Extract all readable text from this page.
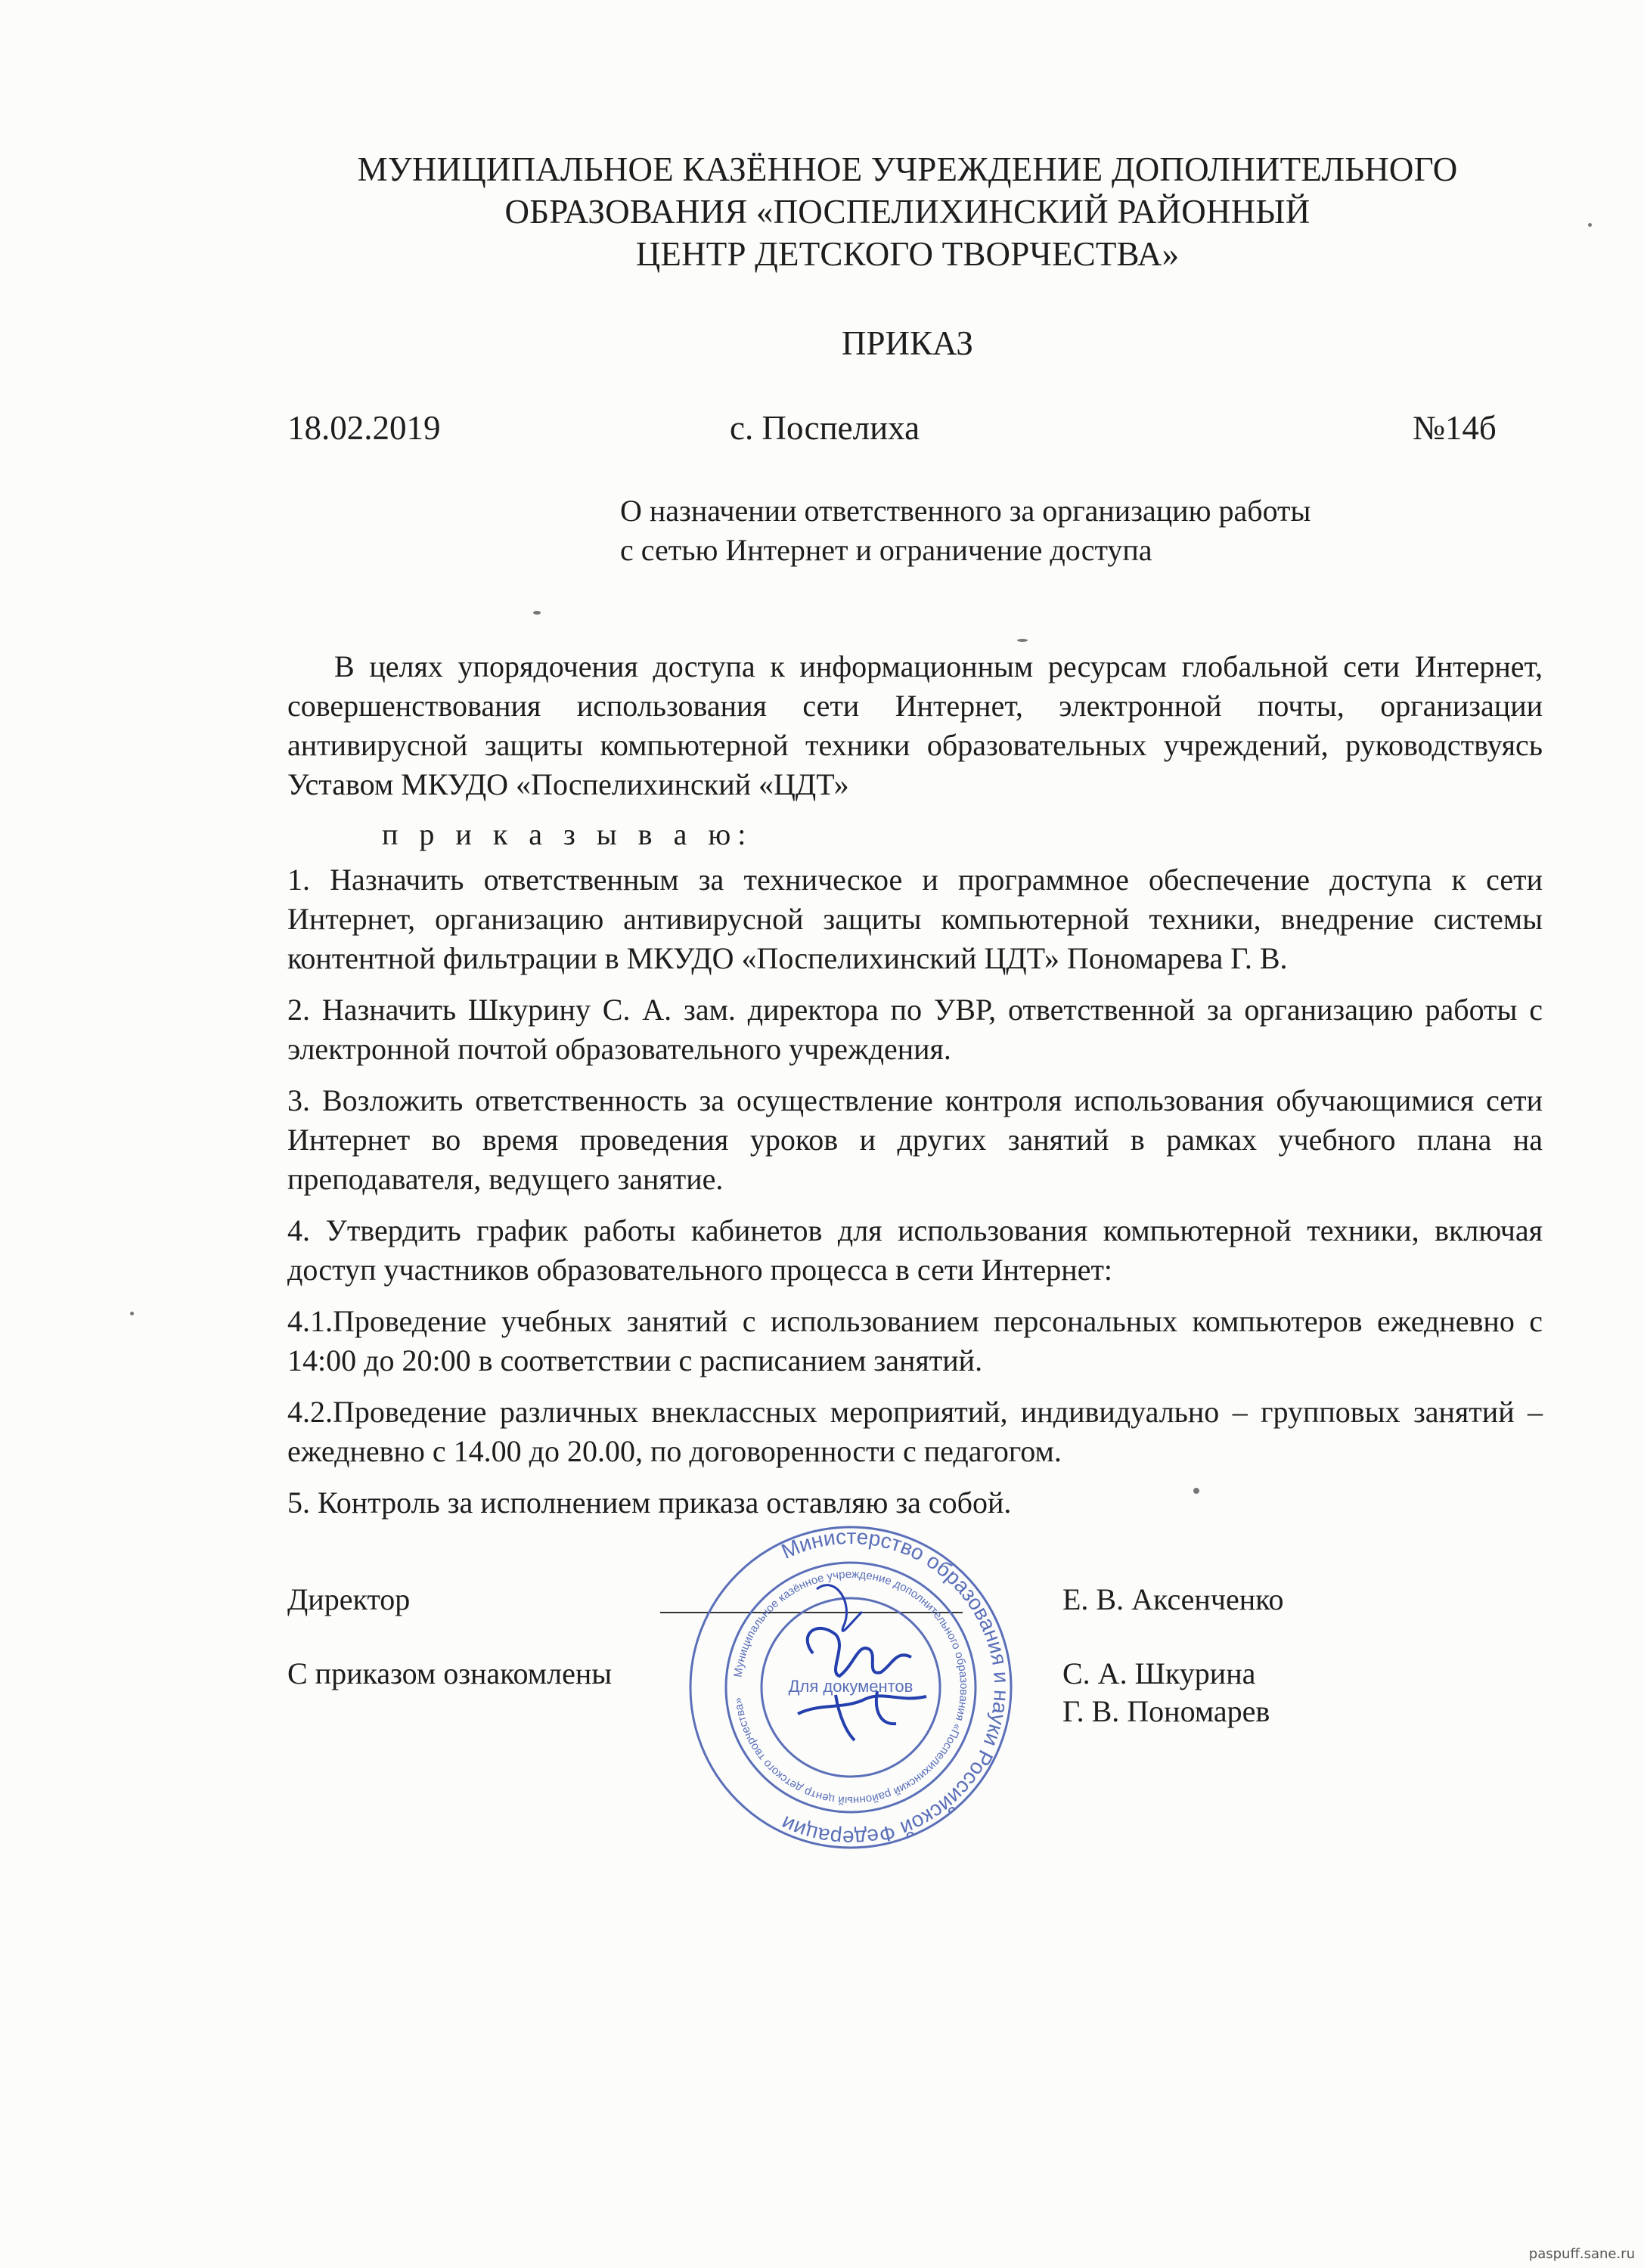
МУНИЦИПАЛЬНОЕ КАЗЁННОЕ УЧРЕЖДЕНИЕ ДОПОЛНИТЕЛЬНОГО
ОБРАЗОВАНИЯ «ПОСПЕЛИХИНСКИЙ РАЙОННЫЙ
ЦЕНТР ДЕТСКОГО ТВОРЧЕСТВА»
ПРИКАЗ
18.02.2019	с. Поспелиха	№14б
О назначении ответственного за организацию работы
с сетью Интернет и ограничение доступа
В целях упорядочения доступа к информационным ресурсам глобальной сети Интернет, совершенствования использования сети Интернет, электронной почты, организации антивирусной защиты компьютерной техники образовательных учреждений, руководствуясь Уставом МКУДО «Поспелихинский «ЦДТ»
п р и к а з ы в а ю:
1. Назначить ответственным за техническое и программное обеспечение доступа к сети Интернет, организацию антивирусной защиты компьютерной техники, внедрение системы контентной фильтрации в МКУДО «Поспелихинский ЦДТ» Пономарева Г. В.
2. Назначить Шкурину С. А. зам. директора по УВР, ответственной за организацию работы с электронной почтой образовательного учреждения.
3. Возложить ответственность за осуществление контроля использования обучающимися сети Интернет во время проведения уроков и других занятий в рамках учебного плана на преподавателя, ведущего занятие.
4. Утвердить график работы кабинетов для использования компьютерной техники, включая доступ участников образовательного процесса в сети Интернет:
4.1.Проведение учебных занятий с использованием персональных компьютеров ежедневно с 14:00 до 20:00 в соответствии с расписанием занятий.
4.2.Проведение различных внеклассных мероприятий, индивидуально – групповых занятий – ежедневно с 14.00 до 20.00, по договоренности с педагогом.
5. Контроль за исполнением приказа оставляю за собой.
Директор	Е. В. Аксенченко
С приказом ознакомлены	С. А. Шкурина
Г. В. Пономарев
Министерство образования и науки Российской Федерации
Муниципальное казённое учреждение дополнительного образования «Поспелихинский районный центр детского творчества»
Для документов
paspuff.sane.ru
